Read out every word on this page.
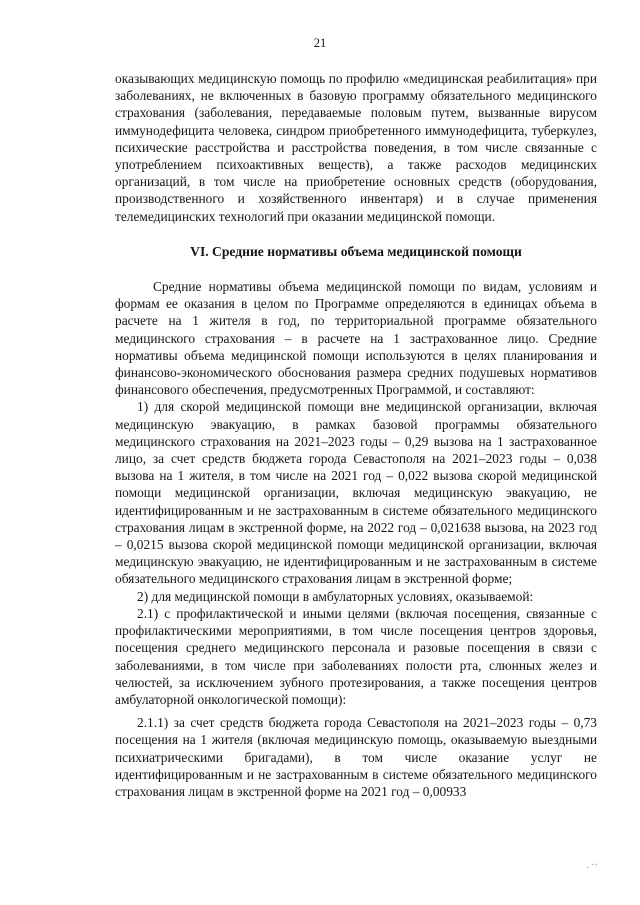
21

оказывающих медицинскую помощь по профилю «медицинская реабилитация» при заболеваниях, не включенных в базовую программу обязательного медицинского страхования (заболевания, передаваемые половым путем, вызванные вирусом иммунодефицита человека, синдром приобретенного иммунодефицита, туберкулез, психические расстройства и расстройства поведения, в том числе связанные с употреблением психоактивных веществ), а также расходов медицинских организаций, в том числе на приобретение основных средств (оборудования, производственного и хозяйственного инвентаря) и в случае применения телемедицинских технологий при оказании медицинской помощи.

VI. Средние нормативы объема медицинской помощи

Средние нормативы объема медицинской помощи по видам, условиям и формам ее оказания в целом по Программе определяются в единицах объема в расчете на 1 жителя в год, по территориальной программе обязательного медицинского страхования – в расчете на 1 застрахованное лицо. Средние нормативы объема медицинской помощи используются в целях планирования и финансово-экономического обоснования размера средних подушевых нормативов финансового обеспечения, предусмотренных Программой, и составляют:

1) для скорой медицинской помощи вне медицинской организации, включая медицинскую эвакуацию, в рамках базовой программы обязательного медицинского страхования на 2021–2023 годы – 0,29 вызова на 1 застрахованное лицо, за счет средств бюджета города Севастополя на 2021–2023 годы – 0,038 вызова на 1 жителя, в том числе на 2021 год – 0,022 вызова скорой медицинской помощи медицинской организации, включая медицинскую эвакуацию, не идентифицированным и не застрахованным в системе обязательного медицинского страхования лицам в экстренной форме, на 2022 год – 0,021638 вызова, на 2023 год – 0,0215 вызова скорой медицинской помощи медицинской организации, включая медицинскую эвакуацию, не идентифицированным и не застрахованным в системе обязательного медицинского страхования лицам в экстренной форме;

2) для медицинской помощи в амбулаторных условиях, оказываемой:

2.1) с профилактической и иными целями (включая посещения, связанные с профилактическими мероприятиями, в том числе посещения центров здоровья, посещения среднего медицинского персонала и разовые посещения в связи с заболеваниями, в том числе при заболеваниях полости рта, слюнных желез и челюстей, за исключением зубного протезирования, а также посещения центров амбулаторной онкологической помощи):

2.1.1) за счет средств бюджета города Севастополя на 2021–2023 годы – 0,73 посещения на 1 жителя (включая медицинскую помощь, оказываемую выездными психиатрическими бригадами), в том числе оказание услуг не идентифицированным и не застрахованным в системе обязательного медицинского страхования лицам в экстренной форме на 2021 год – 0,00933

. ··
